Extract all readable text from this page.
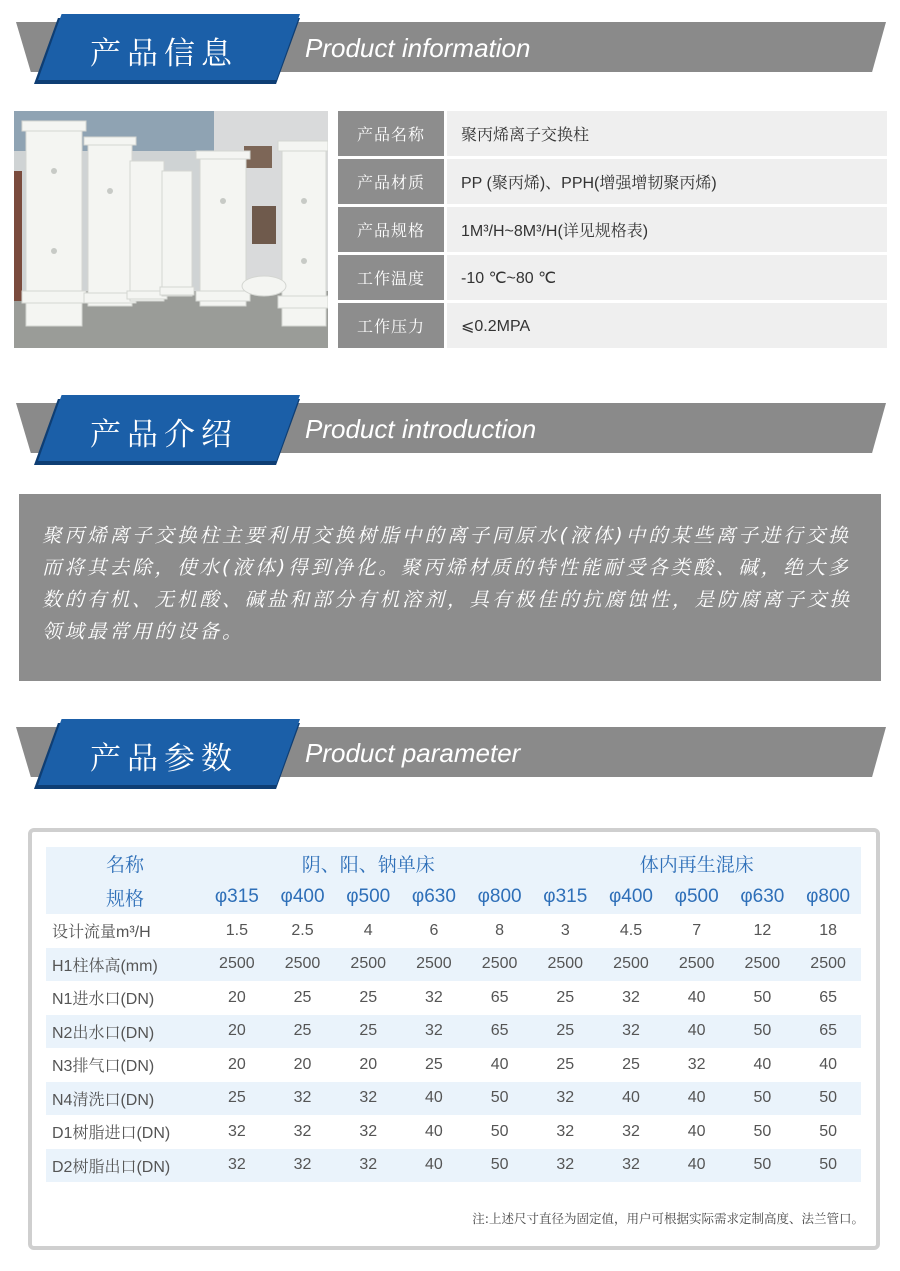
产品信息	Product information
产品名称	聚丙烯离子交换柱
产品材质	PP (聚丙烯)、PPH(增强增韧聚丙烯)
产品规格	1M³/H~8M³/H(详见规格表)
工作温度	-10 ℃~80 ℃
工作压力	⩽0.2MPA
产品介绍	Product introduction

聚丙烯离子交换柱主要利用交换树脂中的离子同原水(液体)中的某些离子进行交换而将其去除，使水(液体)得到净化。聚丙烯材质的特性能耐受各类酸、碱，绝大多数的有机、无机酸、碱盐和部分有机溶剂，具有极佳的抗腐蚀性，是防腐离子交换领域最常用的设备。

产品参数	Product parameter
名称	阴、阳、钠单床					体内再生混床				
规格	φ315	φ400	φ500	φ630	φ800	φ315	φ400	φ500	φ630	φ800
设计流量m³/H	1.5	2.5	4	6	8	3	4.5	7	12	18
H1柱体高(mm)	2500	2500	2500	2500	2500	2500	2500	2500	2500	2500
N1进水口(DN)	20	25	25	32	65	25	32	40	50	65
N2出水口(DN)	20	25	25	32	65	25	32	40	50	65
N3排气口(DN)	20	20	20	25	40	25	25	32	40	40
N4清洗口(DN)	25	32	32	40	50	32	40	40	50	50
D1树脂进口(DN)	32	32	32	40	50	32	32	40	50	50
D2树脂出口(DN)	32	32	32	40	50	32	32	40	50	50
注:上述尺寸直径为固定值，用户可根据实际需求定制高度、法兰管口。
